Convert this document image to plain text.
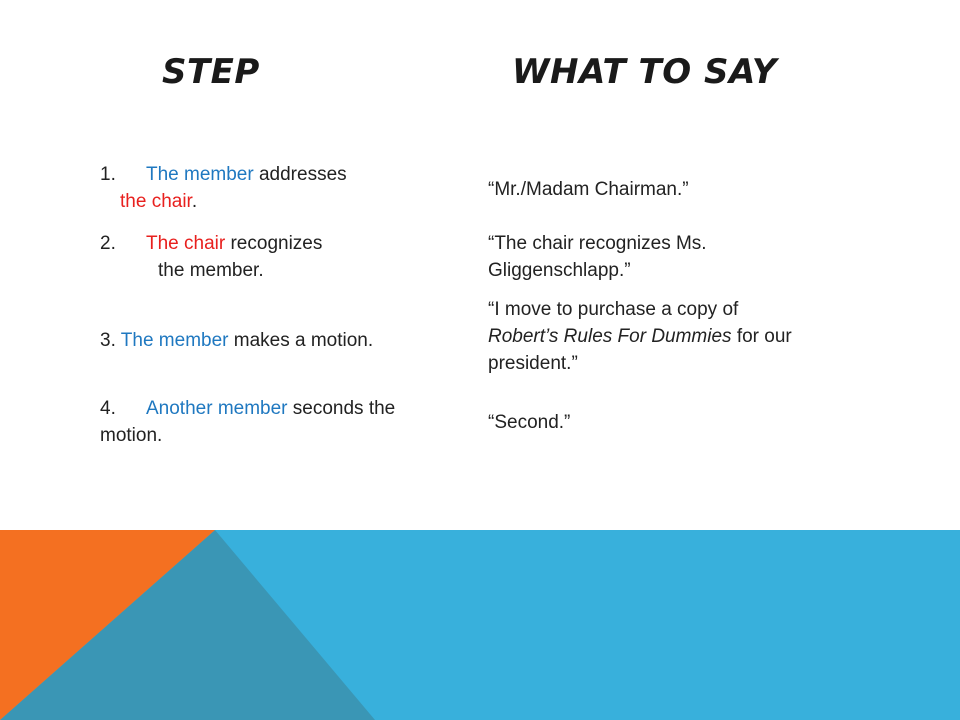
STEP	WHAT TO SAY
1. The member addresses
the chair.
“Mr./Madam Chairman.”
2. The chair recognizes
the member.
“The chair recognizes Ms.
Gliggenschlapp.”
3. The member makes a motion.
“I move to purchase a copy of
Robert’s Rules For Dummies for our
president.”
4. Another member seconds the
motion.
“Second.”
